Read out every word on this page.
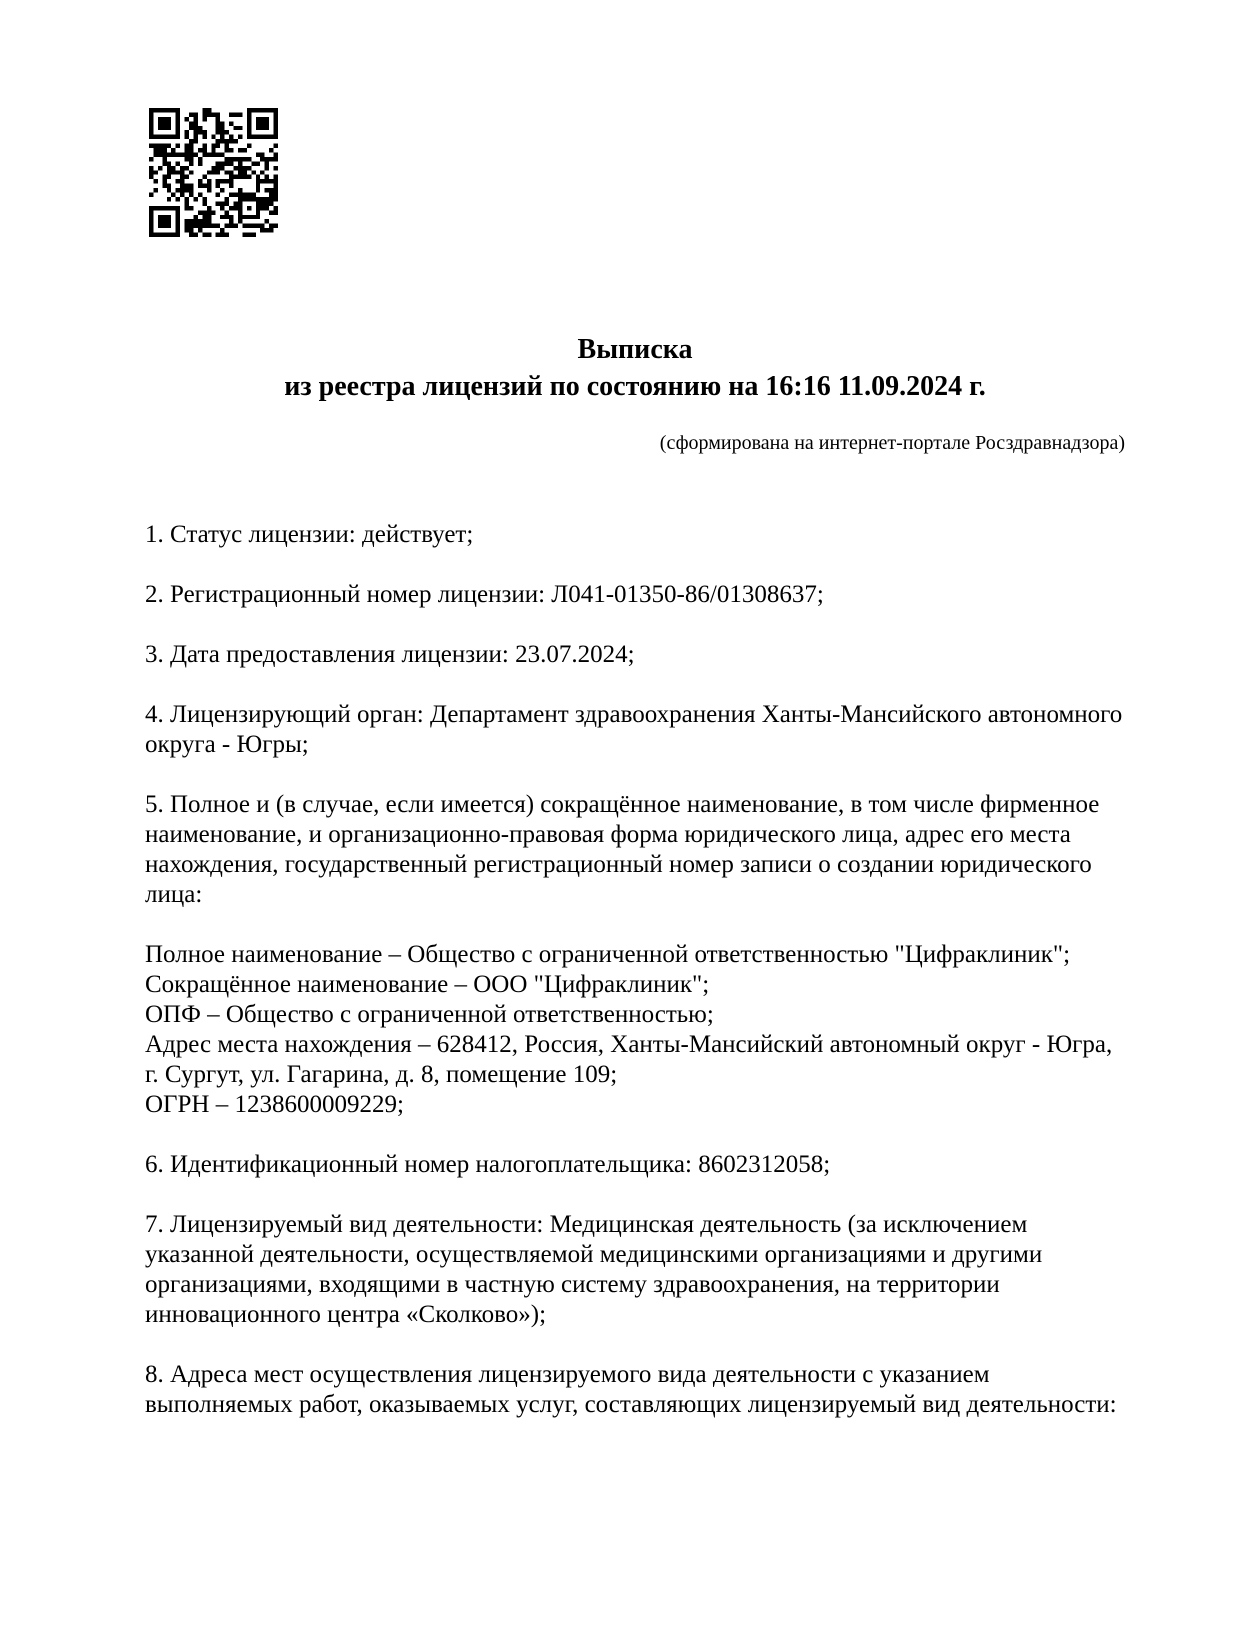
Выписка
из реестра лицензий по состоянию на 16:16 11.09.2024 г.
(сформирована на интернет-портале Росздравнадзора)
1. Статус лицензии: действует;
2. Регистрационный номер лицензии: Л041-01350-86/01308637;
3. Дата предоставления лицензии: 23.07.2024;
4. Лицензирующий орган: Департамент здравоохранения Ханты-Мансийского автономного округа - Югры;
5. Полное и (в случае, если имеется) сокращённое наименование, в том числе фирменное наименование, и организационно-правовая форма юридического лица, адрес его места нахождения, государственный регистрационный номер записи о создании юридического лица:
Полное наименование – Общество с ограниченной ответственностью "Цифраклиник";
Сокращённое наименование – ООО "Цифраклиник";
ОПФ – Общество с ограниченной ответственностью;
Адрес места нахождения – 628412, Россия, Ханты-Мансийский автономный округ - Югра, г. Сургут, ул. Гагарина, д. 8, помещение 109;
ОГРН – 1238600009229;
6. Идентификационный номер налогоплательщика: 8602312058;
7. Лицензируемый вид деятельности: Медицинская деятельность (за исключением указанной деятельности, осуществляемой медицинскими организациями и другими организациями, входящими в частную систему здравоохранения, на территории инновационного центра «Сколково»);
8. Адреса мест осуществления лицензируемого вида деятельности с указанием выполняемых работ, оказываемых услуг, составляющих лицензируемый вид деятельности:
